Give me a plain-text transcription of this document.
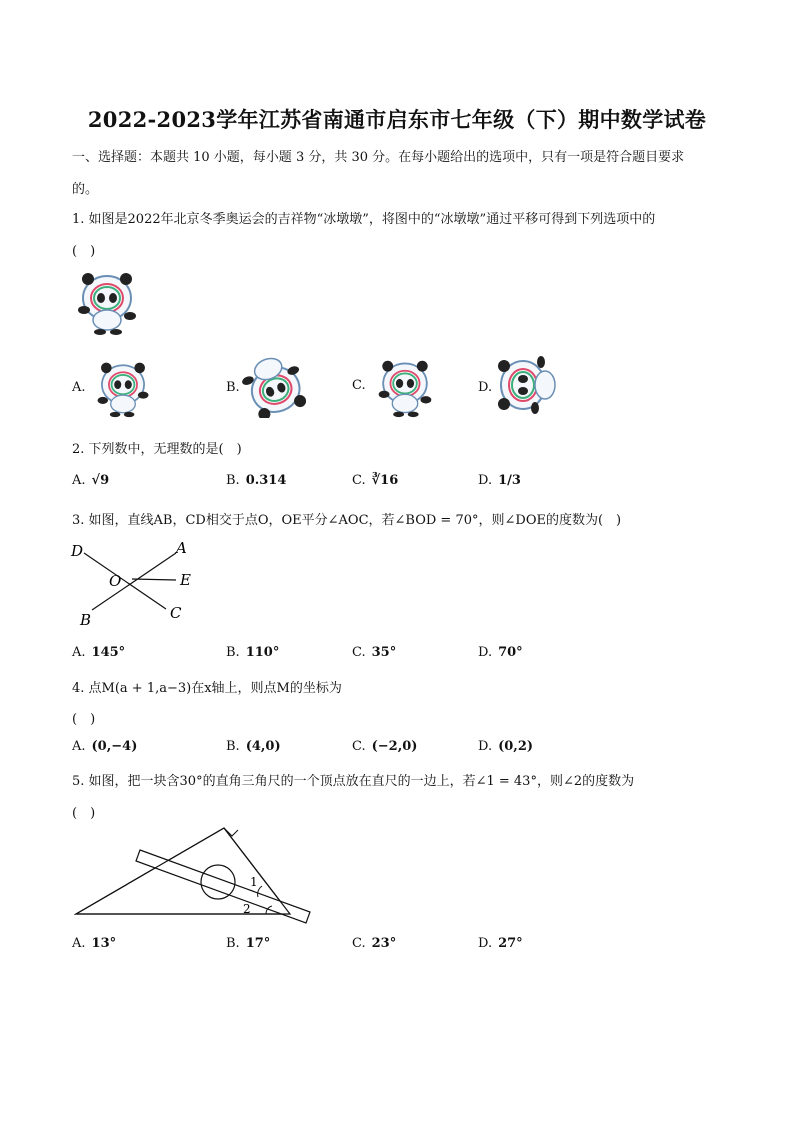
2022-2023学年江苏省南通市启东市七年级（下）期中数学试卷
一、选择题：本题共 10 小题，每小题 3 分，共 30 分。在每小题给出的选项中，只有一项是符合题目要求
的。
1. 如图是2022年北京冬季奥运会的吉祥物“冰墩墩”，将图中的“冰墩墩”通过平移可得到下列选项中的
(　)
A.	B.	C.	D.
2. 下列数中，无理数的是(　)
A. √9	B. 0.314	C. ∛16	D. 1/3
3. 如图，直线AB，CD相交于点O，OE平分∠AOC，若∠BOD = 70°，则∠DOE的度数为(　)
D	A
O	E
B	C
A. 145°	B. 110°	C. 35°	D. 70°
4. 点M(a + 1,a−3)在x轴上，则点M的坐标为
(　)
A. (0,−4)	B. (4,0)	C. (−2,0)	D. (0,2)
5. 如图，把一块含30°的直角三角尺的一个顶点放在直尺的一边上，若∠1 = 43°，则∠2的度数为
(　)
1
2
A. 13°	B. 17°	C. 23°	D. 27°
